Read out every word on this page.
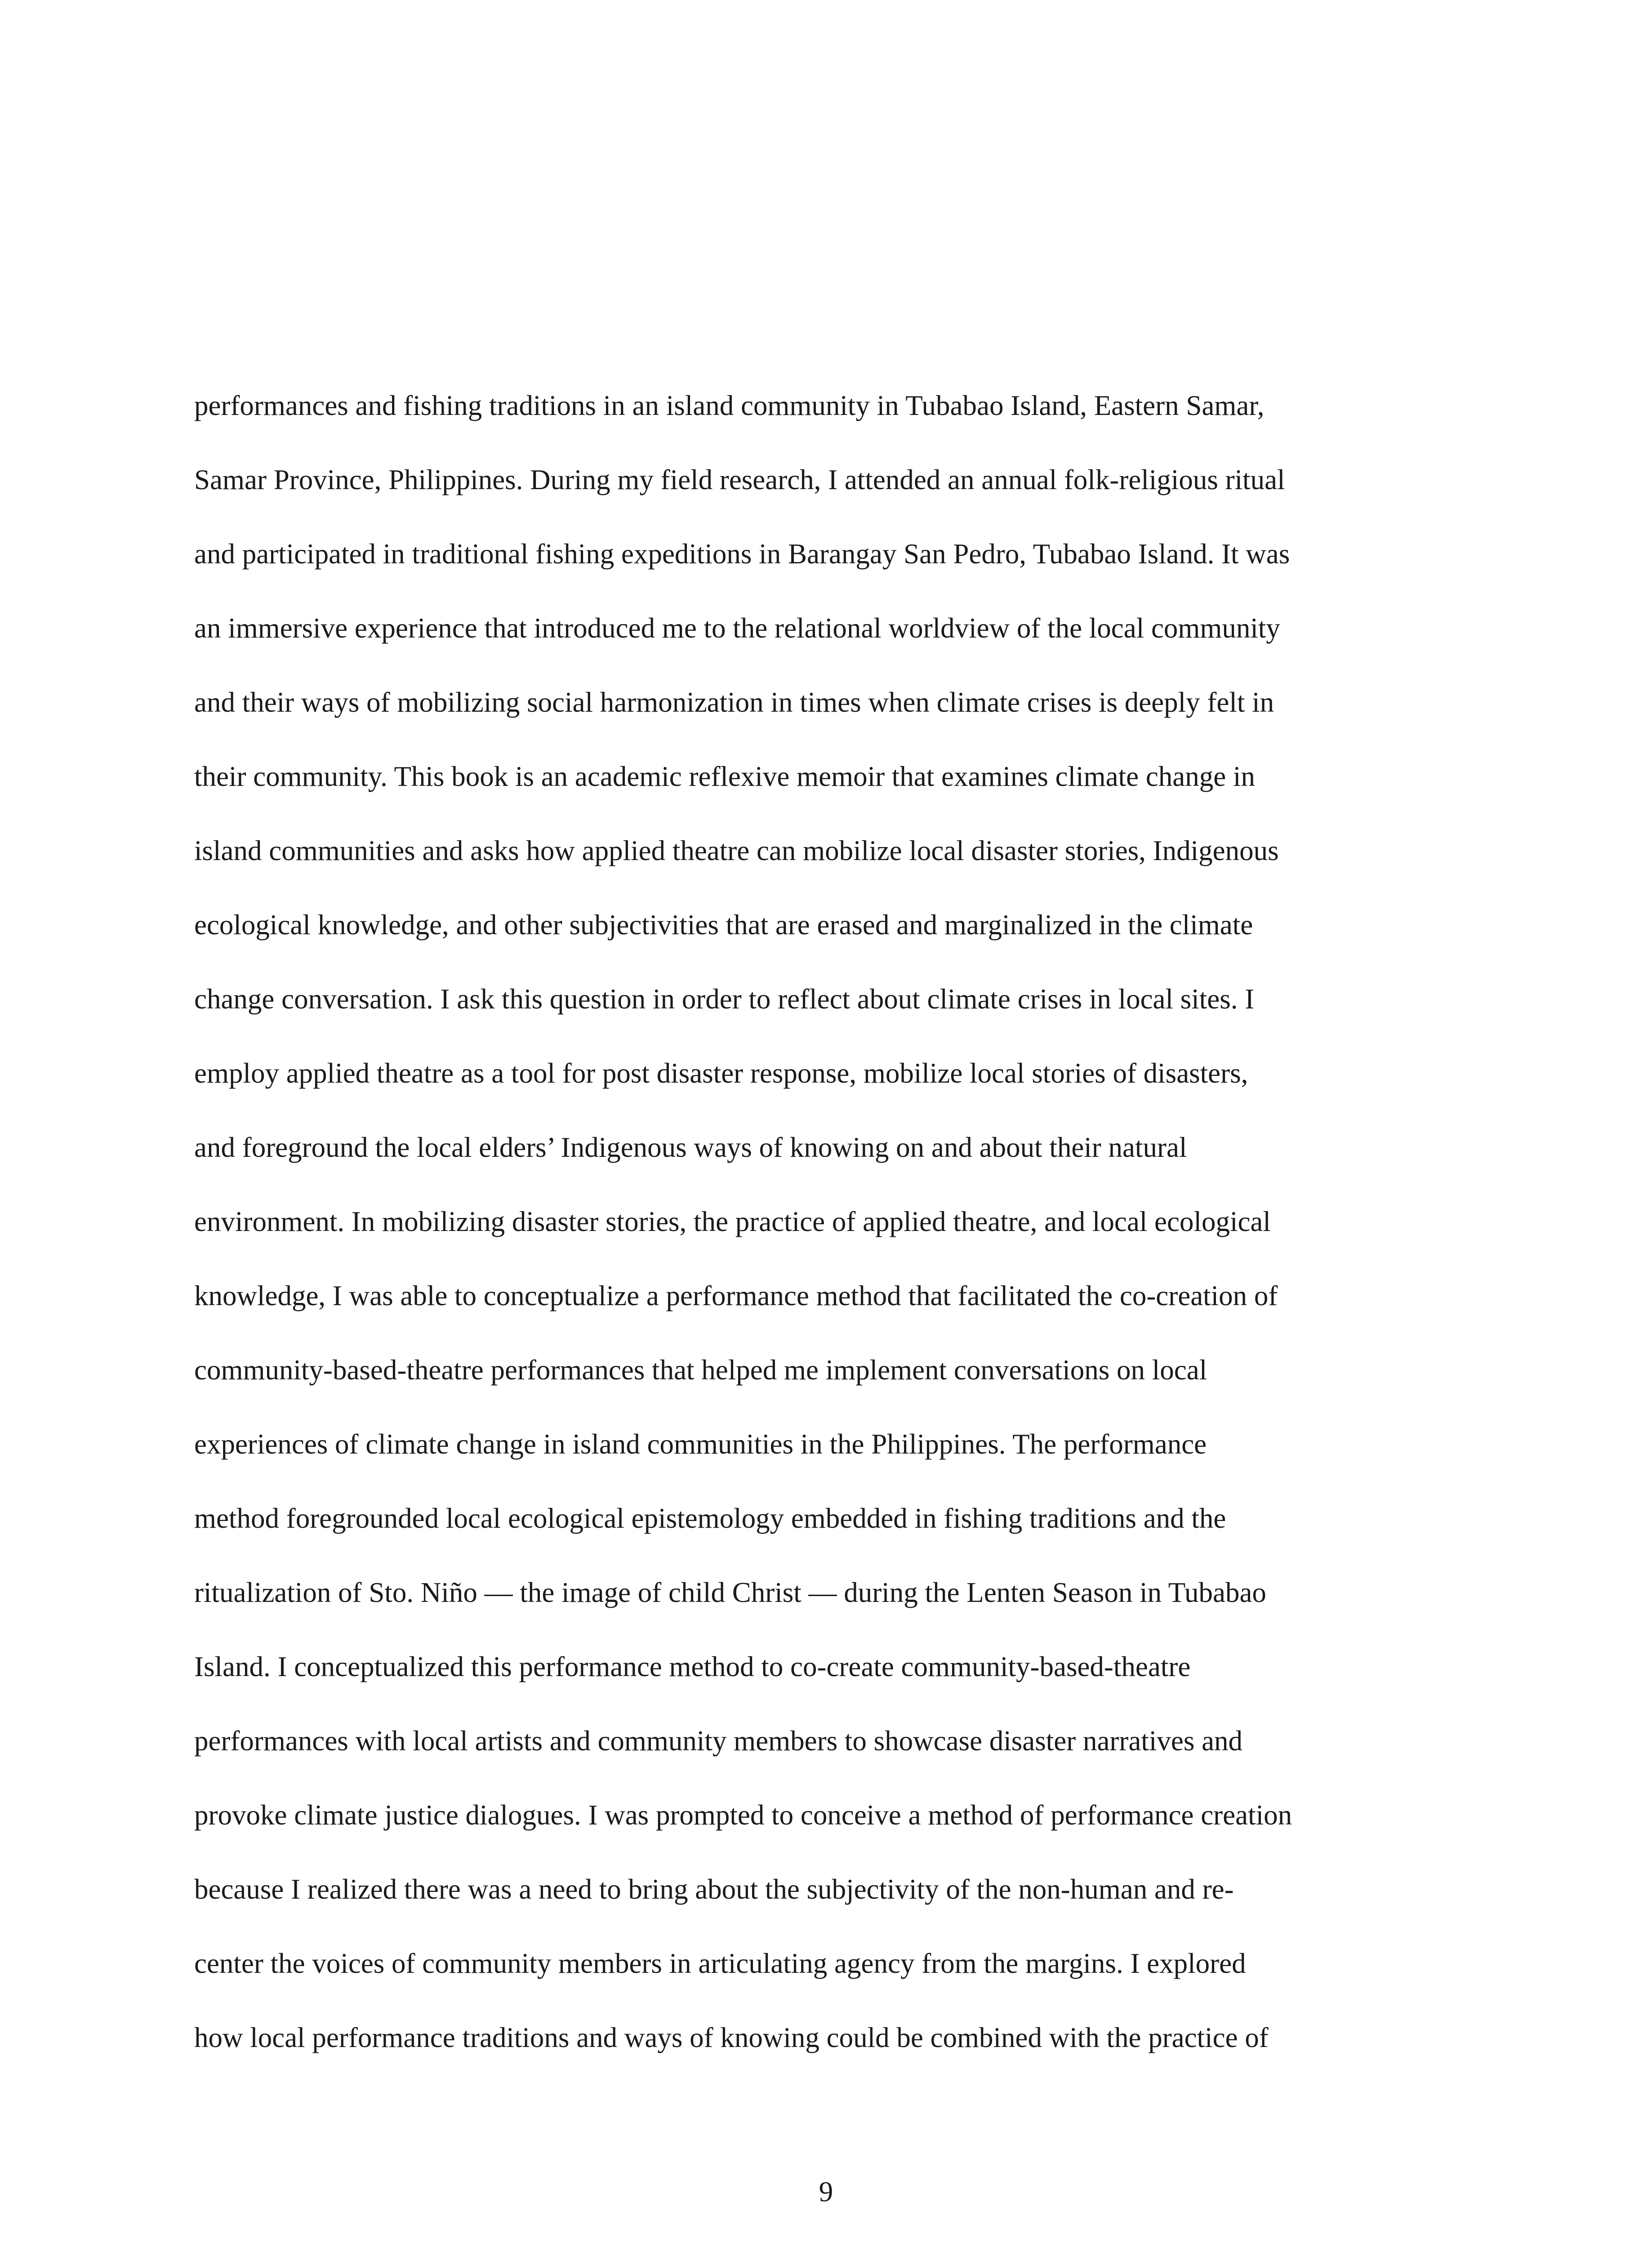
performances and fishing traditions in an island community in Tubabao Island, Eastern Samar,
Samar Province, Philippines. During my field research, I attended an annual folk-religious ritual
and participated in traditional fishing expeditions in Barangay San Pedro, Tubabao Island. It was
an immersive experience that introduced me to the relational worldview of the local community
and their ways of mobilizing social harmonization in times when climate crises is deeply felt in
their community. This book is an academic reflexive memoir that examines climate change in
island communities and asks how applied theatre can mobilize local disaster stories, Indigenous
ecological knowledge, and other subjectivities that are erased and marginalized in the climate
change conversation. I ask this question in order to reflect about climate crises in local sites. I
employ applied theatre as a tool for post disaster response, mobilize local stories of disasters,
and foreground the local elders’ Indigenous ways of knowing on and about their natural
environment. In mobilizing disaster stories, the practice of applied theatre, and local ecological
knowledge, I was able to conceptualize a performance method that facilitated the co-creation of
community-based-theatre performances that helped me implement conversations on local
experiences of climate change in island communities in the Philippines. The performance
method foregrounded local ecological epistemology embedded in fishing traditions and the
ritualization of Sto. Niño — the image of child Christ — during the Lenten Season in Tubabao
Island. I conceptualized this performance method to co-create community-based-theatre
performances with local artists and community members to showcase disaster narratives and
provoke climate justice dialogues. I was prompted to conceive a method of performance creation
because I realized there was a need to bring about the subjectivity of the non-human and re-
center the voices of community members in articulating agency from the margins. I explored
how local performance traditions and ways of knowing could be combined with the practice of
9
